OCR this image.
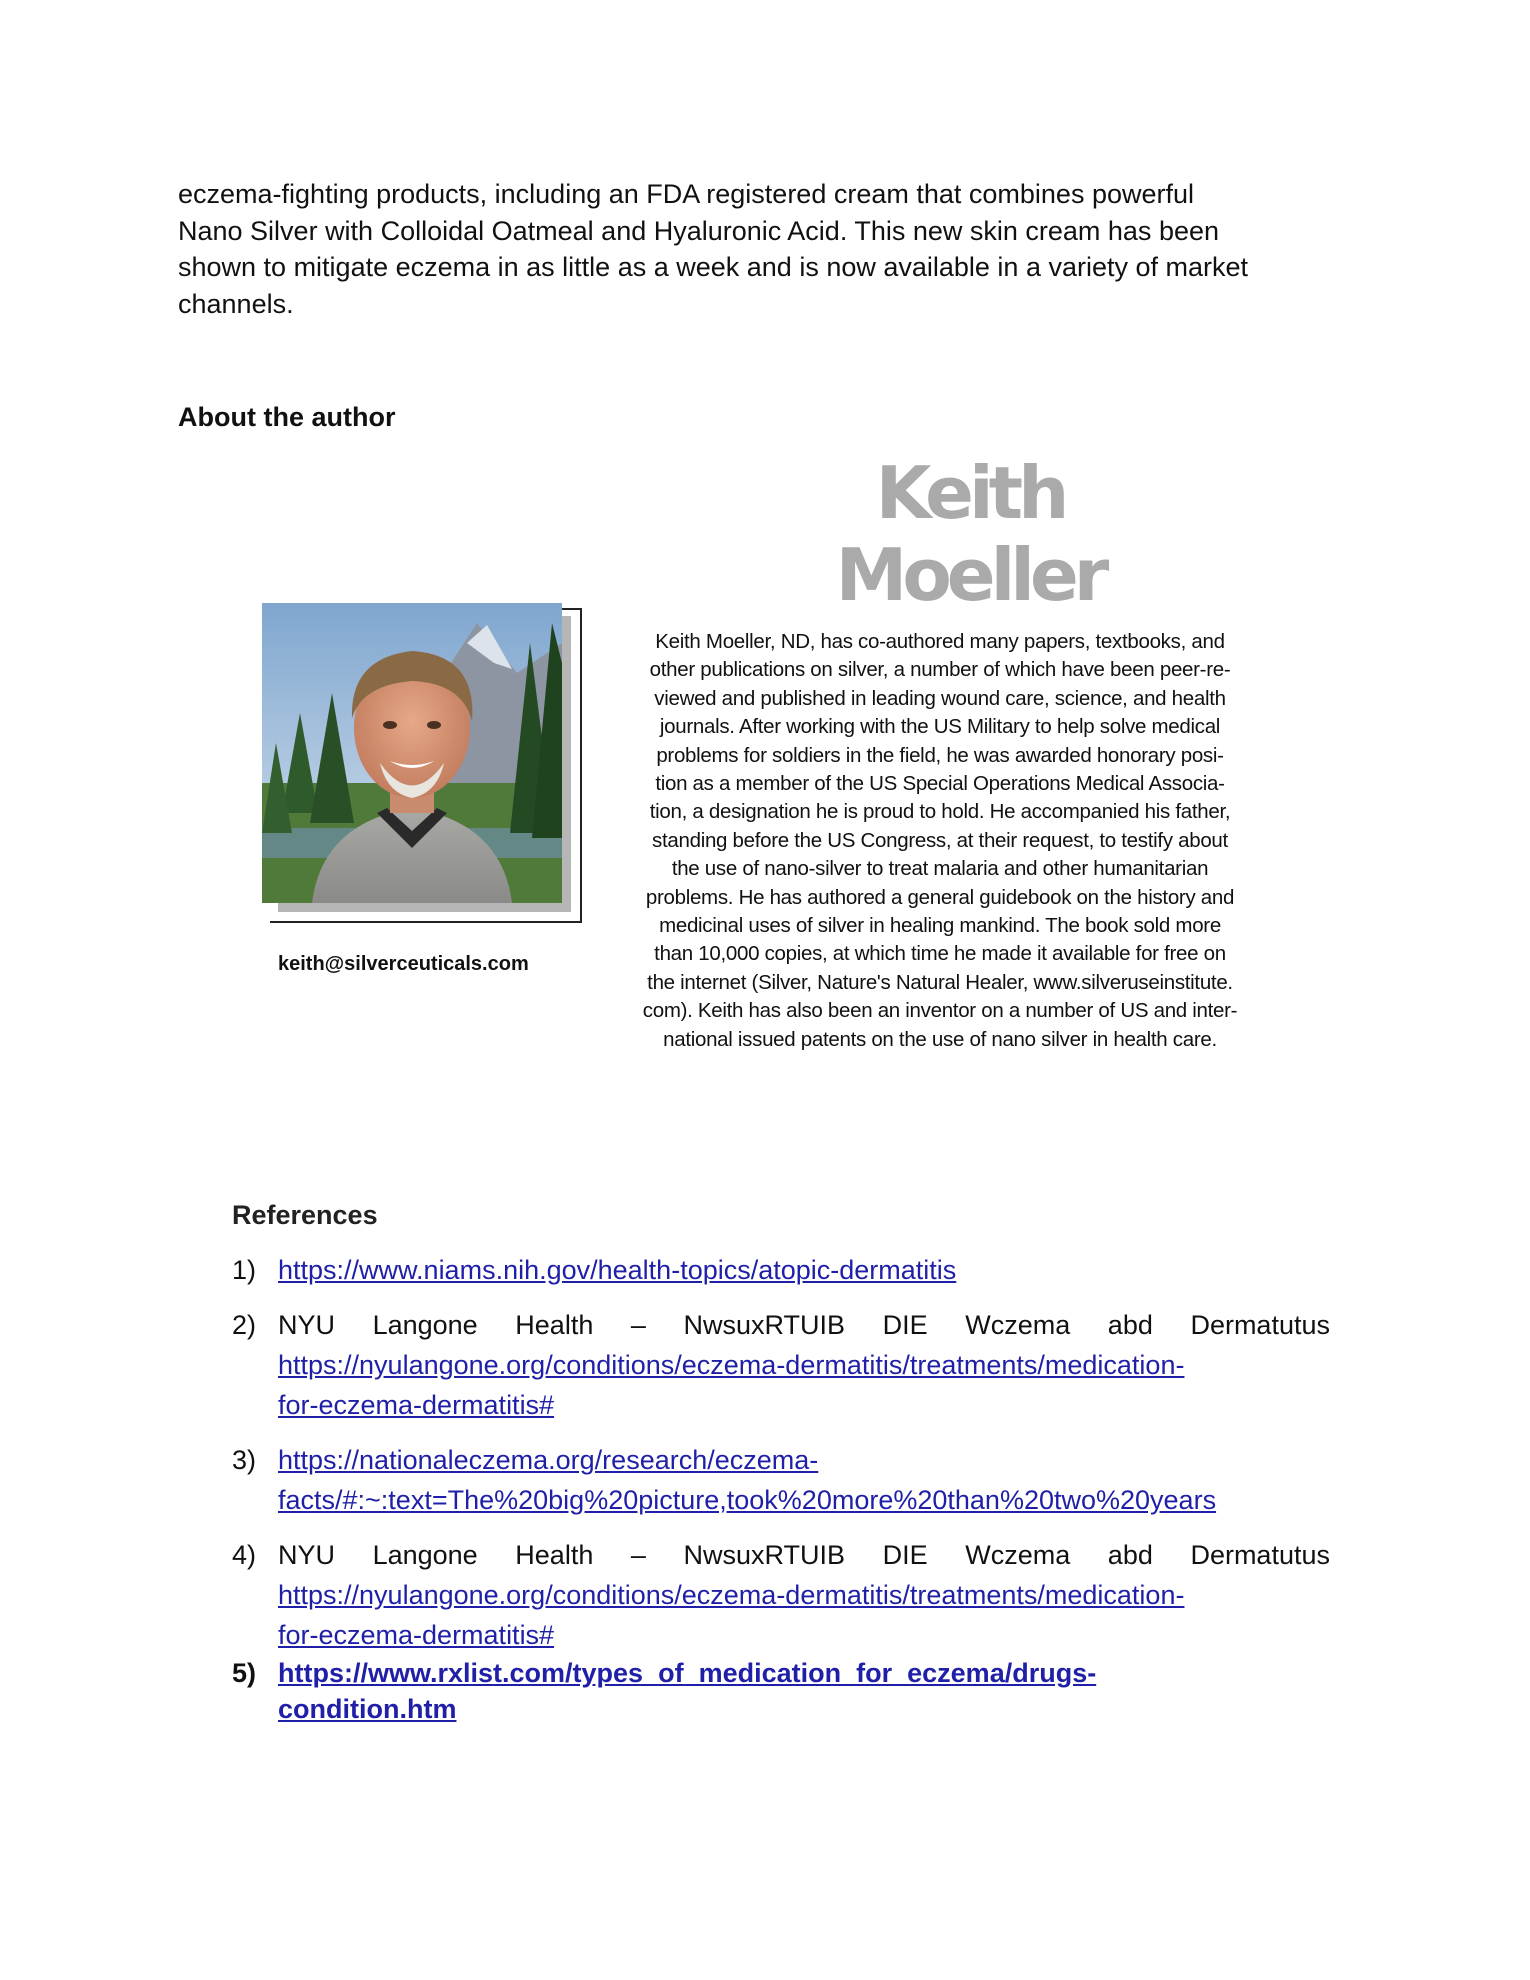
eczema-fighting products, including an FDA registered cream that combines powerful
Nano Silver with Colloidal Oatmeal and Hyaluronic Acid. This new skin cream has been
shown to mitigate eczema in as little as a week and is now available in a variety of market
channels.

About the author
Keith
Moeller

keith@silverceuticals.com

Keith Moeller, ND, has co-authored many papers, textbooks, and
other publications on silver, a number of which have been peer-re-
viewed and published in leading wound care, science, and health
journals. After working with the US Military to help solve medical
problems for soldiers in the field, he was awarded honorary posi-
tion as a member of the US Special Operations Medical Associa-
tion, a designation he is proud to hold. He accompanied his father,
standing before the US Congress, at their request, to testify about
the use of nano-silver to treat malaria and other humanitarian
problems. He has authored a general guidebook on the history and
medicinal uses of silver in healing mankind. The book sold more
than 10,000 copies, at which time he made it available for free on
the internet (Silver, Nature's Natural Healer, www.silveruseinstitute.
com). Keith has also been an inventor on a number of US and inter-
national issued patents on the use of nano silver in health care.

References
1) https://www.niams.nih.gov/health-topics/atopic-dermatitis
2) NYU Langone Health – NwsuxRTUIB DIE Wczema abd Dermatutus
https://nyulangone.org/conditions/eczema-dermatitis/treatments/medication-
for-eczema-dermatitis#
3) https://nationaleczema.org/research/eczema-
facts/#:~:text=The%20big%20picture,took%20more%20than%20two%20years
4) NYU Langone Health – NwsuxRTUIB DIE Wczema abd Dermatutus
https://nyulangone.org/conditions/eczema-dermatitis/treatments/medication-
for-eczema-dermatitis#
5) https://www.rxlist.com/types_of_medication_for_eczema/drugs-
condition.htm
